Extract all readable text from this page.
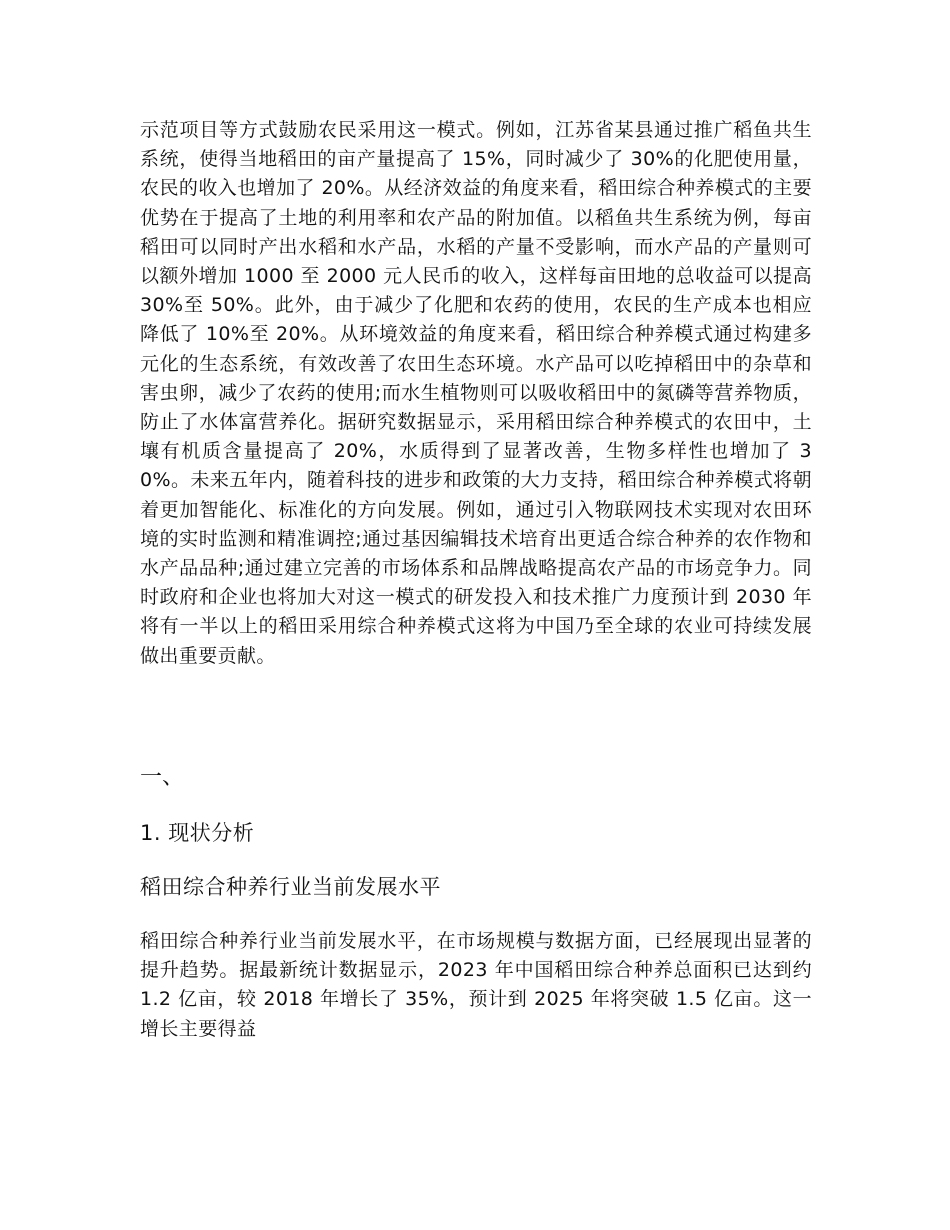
示范项目等方式鼓励农民采用这一模式。例如，江苏省某县通过推广稻鱼共生系统，使得当地稻田的亩产量提高了 15%，同时减少了 30%的化肥使用量，农民的收入也增加了 20%。从经济效益的角度来看，稻田综合种养模式的主要优势在于提高了土地的利用率和农产品的附加值。以稻鱼共生系统为例，每亩稻田可以同时产出水稻和水产品，水稻的产量不受影响，而水产品的产量则可以额外增加 1000 至 2000 元人民币的收入，这样每亩田地的总收益可以提高 30%至 50%。此外，由于减少了化肥和农药的使用，农民的生产成本也相应降低了 10%至 20%。从环境效益的角度来看，稻田综合种养模式通过构建多元化的生态系统，有效改善了农田生态环境。水产品可以吃掉稻田中的杂草和害虫卵，减少了农药的使用;而水生植物则可以吸收稻田中的氮磷等营养物质，防止了水体富营养化。据研究数据显示，采用稻田综合种养模式的农田中，土壤有机质含量提高了 20%，水质得到了显著改善，生物多样性也增加了 30%。未来五年内，随着科技的进步和政策的大力支持，稻田综合种养模式将朝着更加智能化、标准化的方向发展。例如，通过引入物联网技术实现对农田环境的实时监测和精准调控;通过基因编辑技术培育出更适合综合种养的农作物和水产品品种;通过建立完善的市场体系和品牌战略提高农产品的市场竞争力。同时政府和企业也将加大对这一模式的研发投入和技术推广力度预计到 2030 年将有一半以上的稻田采用综合种养模式这将为中国乃至全球的农业可持续发展做出重要贡献。

一、
1. 现状分析
稻田综合种养行业当前发展水平

稻田综合种养行业当前发展水平，在市场规模与数据方面，已经展现出显著的提升趋势。据最新统计数据显示，2023 年中国稻田综合种养总面积已达到约 1.2 亿亩，较 2018 年增长了 35%，预计到 2025 年将突破 1.5 亿亩。这一增长主要得益
